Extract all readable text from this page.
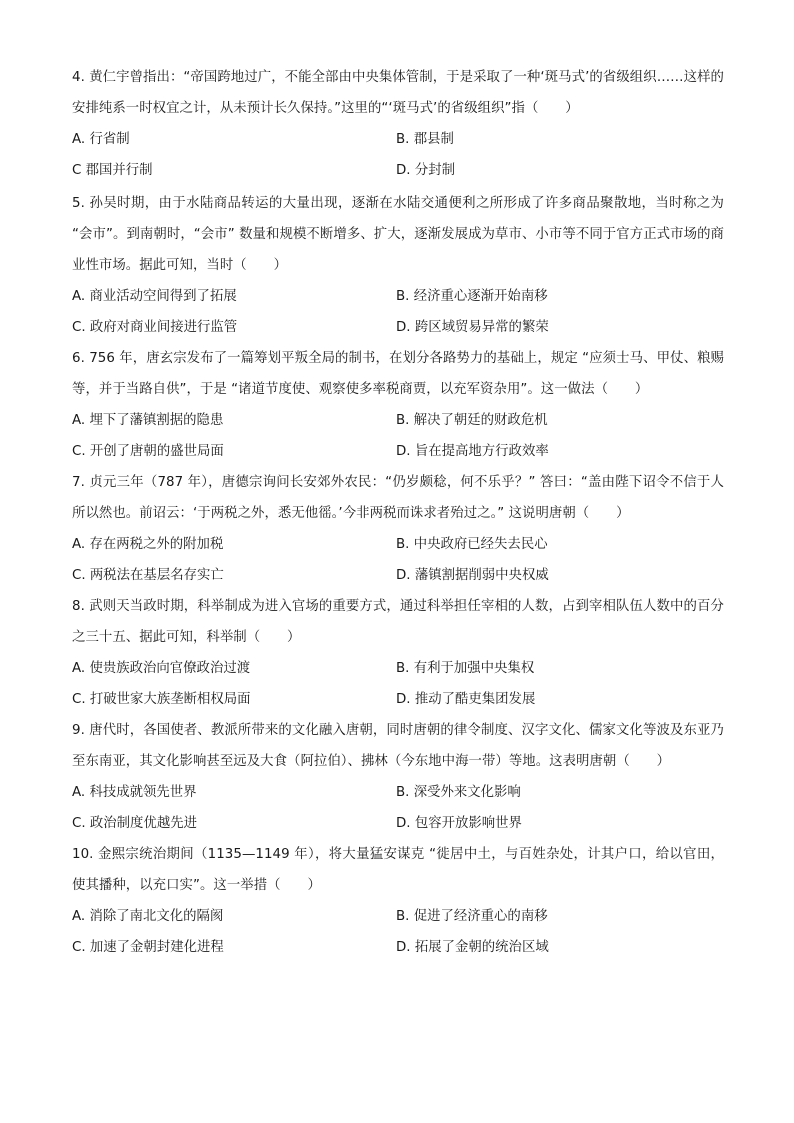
4. 黄仁宇曾指出：“帝国跨地过广，不能全部由中央集体管制，于是采取了一种‘斑马式’的省级组织……这样的安排纯系一时权宜之计，从未预计长久保持。”这里的“‘斑马式’的省级组织”指（　　）

A. 行省制	B. 郡县制
C 郡国并行制	D. 分封制

5. 孙吴时期，由于水陆商品转运的大量出现，逐渐在水陆交通便利之所形成了许多商品聚散地，当时称之为 “会市”。到南朝时，“会市” 数量和规模不断增多、扩大，逐渐发展成为草市、小市等不同于官方正式市场的商业性市场。据此可知，当时（　　）

A. 商业活动空间得到了拓展	B. 经济重心逐渐开始南移
C. 政府对商业间接进行监管	D. 跨区域贸易异常的繁荣

6. 756 年，唐玄宗发布了一篇筹划平叛全局的制书，在划分各路势力的基础上，规定 “应须士马、甲仗、粮赐等，并于当路自供”，于是 “诸道节度使、观察使多率税商贾，以充军资杂用”。这一做法（　　）

A. 埋下了藩镇割据的隐患	B. 解决了朝廷的财政危机
C. 开创了唐朝的盛世局面	D. 旨在提高地方行政效率

7. 贞元三年（787 年），唐德宗询问长安郊外农民：“仍岁颇稔，何不乐乎？” 答曰：“盖由陛下诏令不信于人所以然也。前诏云：‘于两税之外，悉无他徭。’今非两税而诛求者殆过之。” 这说明唐朝（　　）

A. 存在两税之外的附加税	B. 中央政府已经失去民心
C. 两税法在基层名存实亡	D. 藩镇割据削弱中央权威

8. 武则天当政时期，科举制成为进入官场的重要方式，通过科举担任宰相的人数，占到宰相队伍人数中的百分之三十五、据此可知，科举制（　　）

A. 使贵族政治向官僚政治过渡	B. 有利于加强中央集权
C. 打破世家大族垄断相权局面	D. 推动了酷吏集团发展

9. 唐代时，各国使者、教派所带来的文化融入唐朝，同时唐朝的律令制度、汉字文化、儒家文化等波及东亚乃至东南亚，其文化影响甚至远及大食（阿拉伯）、拂林（今东地中海一带）等地。这表明唐朝（　　）

A. 科技成就领先世界	B. 深受外来文化影响
C. 政治制度优越先进	D. 包容开放影响世界

10. 金熙宗统治期间（1135—1149 年），将大量猛安谋克 “徙居中土，与百姓杂处，计其户口，给以官田，使其播种，以充口实”。这一举措（　　）

A. 消除了南北文化的隔阂	B. 促进了经济重心的南移
C. 加速了金朝封建化进程	D. 拓展了金朝的统治区域
